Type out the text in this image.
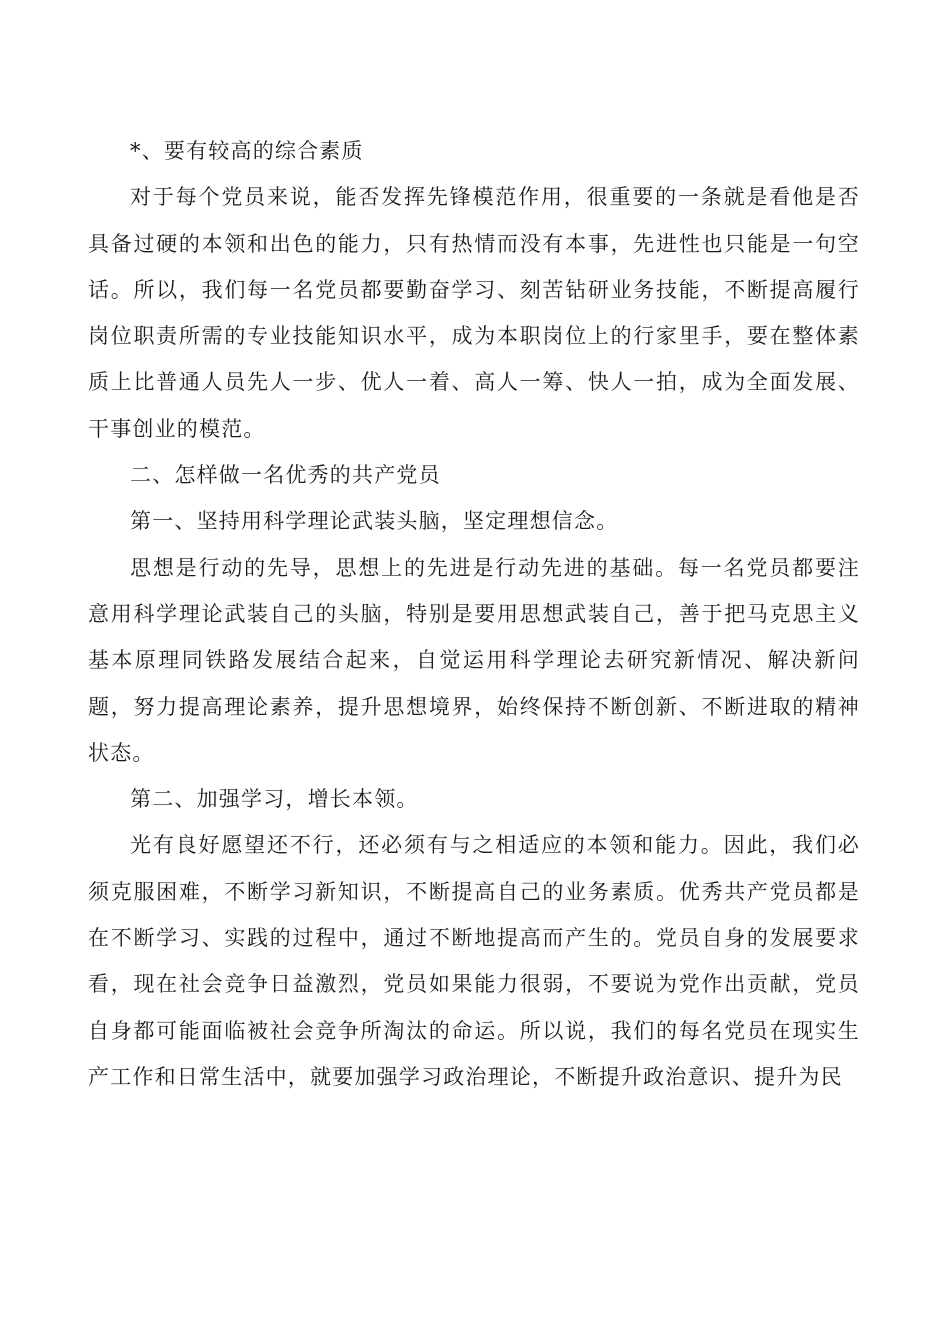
*、要有较高的综合素质

对于每个党员来说，能否发挥先锋模范作用，很重要的一条就是看他是否具备过硬的本领和出色的能力，只有热情而没有本事，先进性也只能是一句空话。所以，我们每一名党员都要勤奋学习、刻苦钻研业务技能，不断提高履行岗位职责所需的专业技能知识水平，成为本职岗位上的行家里手，要在整体素质上比普通人员先人一步、优人一着、高人一筹、快人一拍，成为全面发展、干事创业的模范。

二、怎样做一名优秀的共产党员

第一、坚持用科学理论武装头脑，坚定理想信念。

思想是行动的先导，思想上的先进是行动先进的基础。每一名党员都要注意用科学理论武装自己的头脑，特别是要用思想武装自己，善于把马克思主义基本原理同铁路发展结合起来，自觉运用科学理论去研究新情况、解决新问题，努力提高理论素养，提升思想境界，始终保持不断创新、不断进取的精神状态。

第二、加强学习，增长本领。

光有良好愿望还不行，还必须有与之相适应的本领和能力。因此，我们必须克服困难，不断学习新知识，不断提高自己的业务素质。优秀共产党员都是在不断学习、实践的过程中，通过不断地提高而产生的。党员自身的发展要求看，现在社会竞争日益激烈，党员如果能力很弱，不要说为党作出贡献，党员自身都可能面临被社会竞争所淘汰的命运。所以说，我们的每名党员在现实生产工作和日常生活中，就要加强学习政治理论，不断提升政治意识、提升为民
